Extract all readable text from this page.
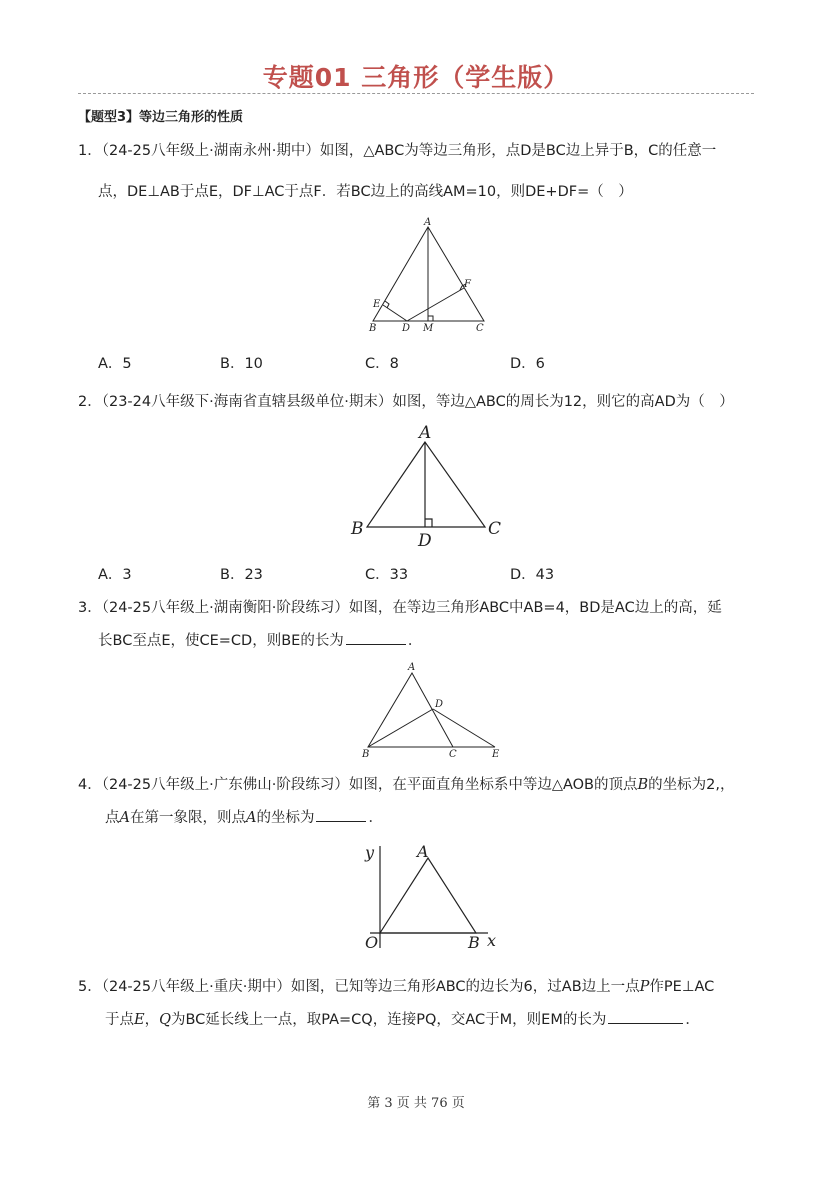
专题01 三角形（学生版）
【题型3】等边三角形的性质
1．（24-25八年级上·湖南永州·期中）如图，△ABC为等边三角形，点D是BC边上异于B，C的任意一
点，DE⊥AB于点E，DF⊥AC于点F．若BC边上的高线AM=10，则DE+DF=（　）
A
B	C
D M
E
F
A．5	B．10	C．8	D．6
2．（23-24八年级下·海南省直辖县级单位·期末）如图，等边△ABC的周长为12，则它的高AD为（　）
A
B	C
D
A．3	B．23	C．33	D．43
3．（24-25八年级上·湖南衡阳·阶段练习）如图，在等边三角形ABC中AB=4，BD是AC边上的高，延
长BC至点E，使CE=CD，则BE的长为	．
A
B	C
D
E
4．（24-25八年级上·广东佛山·阶段练习）如图，在平面直角坐标系中等边△AOB的顶点B的坐标为2,，
点A在第一象限，则点A的坐标为	．
y	A
O	B x
5．（24-25八年级上·重庆·期中）如图，已知等边三角形ABC的边长为6，过AB边上一点P作PE⊥AC
于点E，Q为BC延长线上一点，取PA=CQ，连接PQ，交AC于M，则EM的长为	．
第 3 页 共 76 页
